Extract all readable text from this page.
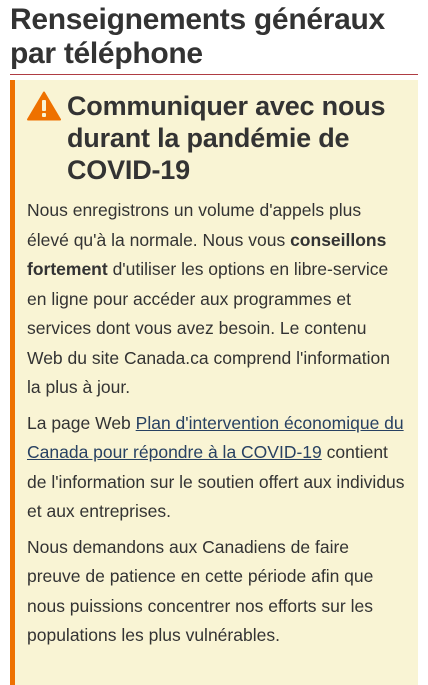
Renseignements généraux par téléphone
Communiquer avec nous durant la pandémie de COVID-19

Nous enregistrons un volume d'appels plus élevé qu'à la normale. Nous vous conseillons fortement d'utiliser les options en libre-service en ligne pour accéder aux programmes et services dont vous avez besoin. Le contenu Web du site Canada.ca comprend l'information la plus à jour.

La page Web Plan d'intervention économique du Canada pour répondre à la COVID-19 contient de l'information sur le soutien offert aux individus et aux entreprises.

Nous demandons aux Canadiens de faire preuve de patience en cette période afin que nous puissions concentrer nos efforts sur les populations les plus vulnérables.
